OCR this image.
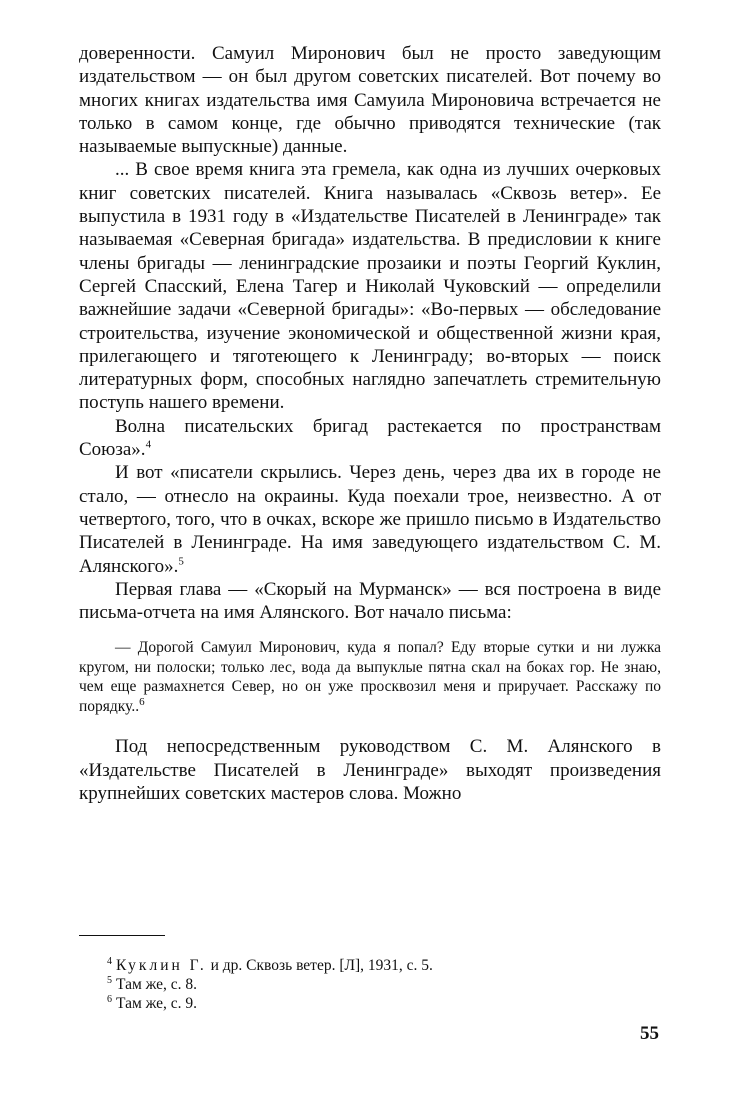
доверенности. Самуил Миронович был не просто заведующим издательством — он был другом советских писателей. Вот почему во многих книгах издательства имя Самуила Мироновича встречается не только в самом конце, где обычно приводятся технические (так называемые выпускные) данные.

... В свое время книга эта гремела, как одна из лучших очерковых книг советских писателей. Книга называлась «Сквозь ветер». Ее выпустила в 1931 году в «Издательстве Писателей в Ленинграде» так называемая «Северная бригада» издательства. В предисловии к книге члены бригады — ленинградские прозаики и поэты Георгий Куклин, Сергей Спасский, Елена Тагер и Николай Чуковский — определили важнейшие задачи «Северной бригады»: «Во-первых — обследование строительства, изучение экономической и общественной жизни края, прилегающего и тяготеющего к Ленинграду; во-вторых — поиск литературных форм, способных наглядно запечатлеть стремительную поступь нашего времени.

Волна писательских бригад растекается по пространствам Союза».$^4$

И вот «писатели скрылись. Через день, через два их в городе не стало, — отнесло на окраины. Куда поехали трое, неизвестно. А от четвертого, того, что в очках, вскоре же пришло письмо в Издательство Писателей в Ленинграде. На имя заведующего издательством С. М. Алянского».$^5$

Первая глава — «Скорый на Мурманск» — вся построена в виде письма-отчета на имя Алянского. Вот начало письма:

— Дорогой Самуил Миронович, куда я попал? Еду вторые сутки и ни лужка кругом, ни полоски; только лес, вода да выпуклые пятна скал на боках гор. Не знаю, чем еще размахнется Север, но он уже просквозил меня и приручает. Расскажу по порядку..$^6$

Под непосредственным руководством С. М. Алянского в «Издательстве Писателей в Ленинграде» выходят произведения крупнейших советских мастеров слова. Можно

$^4$ Куклин Г. и др. Сквозь ветер. [Л], 1931, с. 5.

$^5$ Там же, с. 8.

$^6$ Там же, с. 9.

55
